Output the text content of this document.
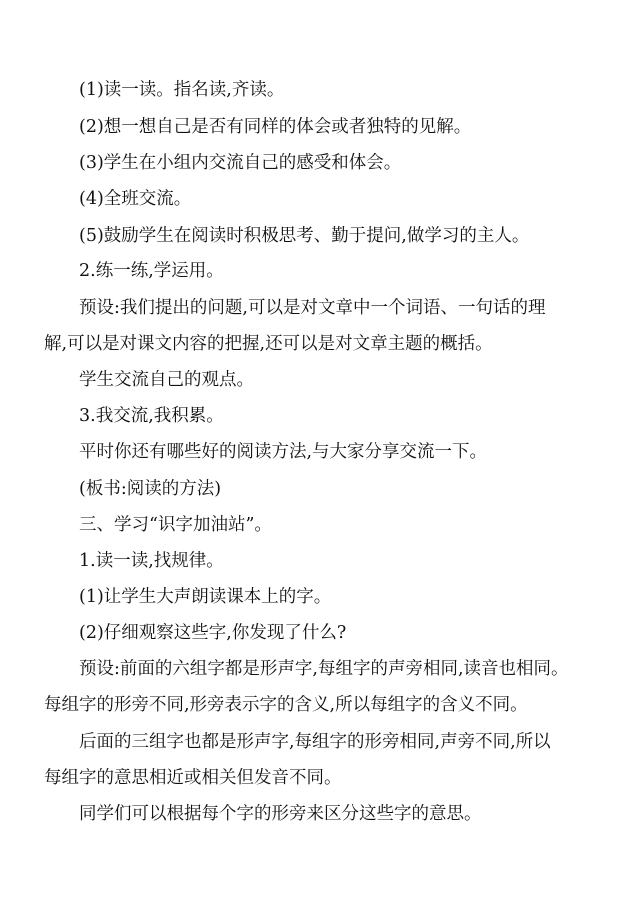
(1)读一读。指名读,齐读。
(2)想一想自己是否有同样的体会或者独特的见解。
(3)学生在小组内交流自己的感受和体会。
(4)全班交流。
(5)鼓励学生在阅读时积极思考、勤于提问,做学习的主人。
2.练一练,学运用。
预设:我们提出的问题,可以是对文章中一个词语、一句话的理
解,可以是对课文内容的把握,还可以是对文章主题的概括。
学生交流自己的观点。
3.我交流,我积累。
平时你还有哪些好的阅读方法,与大家分享交流一下。
(板书:阅读的方法)
三、学习“识字加油站”。
1.读一读,找规律。
(1)让学生大声朗读课本上的字。
(2)仔细观察这些字,你发现了什么?
预设:前面的六组字都是形声字,每组字的声旁相同,读音也相同。
每组字的形旁不同,形旁表示字的含义,所以每组字的含义不同。
后面的三组字也都是形声字,每组字的形旁相同,声旁不同,所以
每组字的意思相近或相关但发音不同。
同学们可以根据每个字的形旁来区分这些字的意思。
